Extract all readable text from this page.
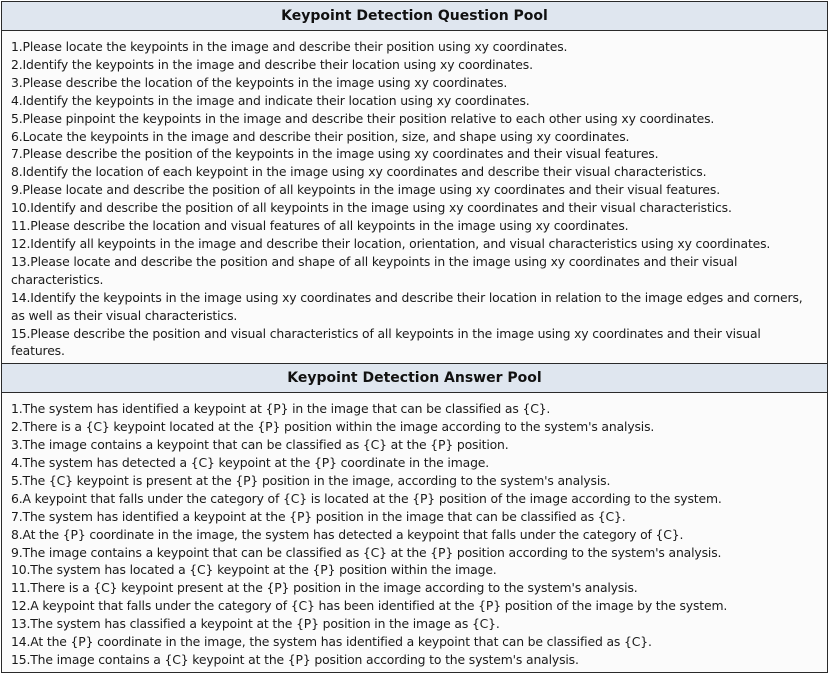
Keypoint Detection Question Pool
1.Please locate the keypoints in the image and describe their position using xy coordinates.
2.Identify the keypoints in the image and describe their location using xy coordinates.
3.Please describe the location of the keypoints in the image using xy coordinates.
4.Identify the keypoints in the image and indicate their location using xy coordinates.
5.Please pinpoint the keypoints in the image and describe their position relative to each other using xy coordinates.
6.Locate the keypoints in the image and describe their position, size, and shape using xy coordinates.
7.Please describe the position of the keypoints in the image using xy coordinates and their visual features.
8.Identify the location of each keypoint in the image using xy coordinates and describe their visual characteristics.
9.Please locate and describe the position of all keypoints in the image using xy coordinates and their visual features.
10.Identify and describe the position of all keypoints in the image using xy coordinates and their visual characteristics.
11.Please describe the location and visual features of all keypoints in the image using xy coordinates.
12.Identify all keypoints in the image and describe their location, orientation, and visual characteristics using xy coordinates.
13.Please locate and describe the position and shape of all keypoints in the image using xy coordinates and their visual
characteristics.
14.Identify the keypoints in the image using xy coordinates and describe their location in relation to the image edges and corners,
as well as their visual characteristics.
15.Please describe the position and visual characteristics of all keypoints in the image using xy coordinates and their visual
features.
Keypoint Detection Answer Pool
1.The system has identified a keypoint at {P} in the image that can be classified as {C}.
2.There is a {C} keypoint located at the {P} position within the image according to the system's analysis.
3.The image contains a keypoint that can be classified as {C} at the {P} position.
4.The system has detected a {C} keypoint at the {P} coordinate in the image.
5.The {C} keypoint is present at the {P} position in the image, according to the system's analysis.
6.A keypoint that falls under the category of {C} is located at the {P} position of the image according to the system.
7.The system has identified a keypoint at the {P} position in the image that can be classified as {C}.
8.At the {P} coordinate in the image, the system has detected a keypoint that falls under the category of {C}.
9.The image contains a keypoint that can be classified as {C} at the {P} position according to the system's analysis.
10.The system has located a {C} keypoint at the {P} position within the image.
11.There is a {C} keypoint present at the {P} position in the image according to the system's analysis.
12.A keypoint that falls under the category of {C} has been identified at the {P} position of the image by the system.
13.The system has classified a keypoint at the {P} position in the image as {C}.
14.At the {P} coordinate in the image, the system has identified a keypoint that can be classified as {C}.
15.The image contains a {C} keypoint at the {P} position according to the system's analysis.
